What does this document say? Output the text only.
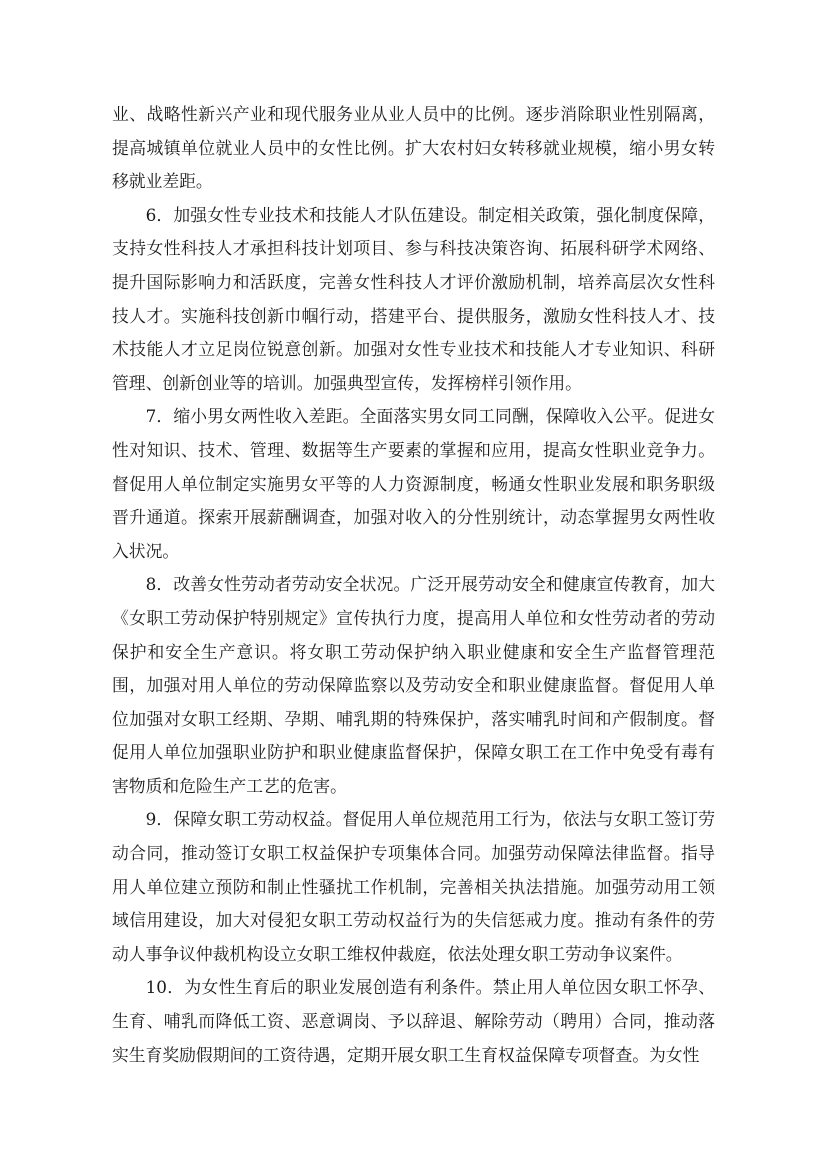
业、战略性新兴产业和现代服务业从业人员中的比例。逐步消除职业性别隔离，提高城镇单位就业人员中的女性比例。扩大农村妇女转移就业规模，缩小男女转移就业差距。

6．加强女性专业技术和技能人才队伍建设。制定相关政策，强化制度保障，支持女性科技人才承担科技计划项目、参与科技决策咨询、拓展科研学术网络、提升国际影响力和活跃度，完善女性科技人才评价激励机制，培养高层次女性科技人才。实施科技创新巾帼行动，搭建平台、提供服务，激励女性科技人才、技术技能人才立足岗位锐意创新。加强对女性专业技术和技能人才专业知识、科研管理、创新创业等的培训。加强典型宣传，发挥榜样引领作用。

7．缩小男女两性收入差距。全面落实男女同工同酬，保障收入公平。促进女性对知识、技术、管理、数据等生产要素的掌握和应用，提高女性职业竞争力。督促用人单位制定实施男女平等的人力资源制度，畅通女性职业发展和职务职级晋升通道。探索开展薪酬调查，加强对收入的分性别统计，动态掌握男女两性收入状况。

8．改善女性劳动者劳动安全状况。广泛开展劳动安全和健康宣传教育，加大《女职工劳动保护特别规定》宣传执行力度，提高用人单位和女性劳动者的劳动保护和安全生产意识。将女职工劳动保护纳入职业健康和安全生产监督管理范围，加强对用人单位的劳动保障监察以及劳动安全和职业健康监督。督促用人单位加强对女职工经期、孕期、哺乳期的特殊保护，落实哺乳时间和产假制度。督促用人单位加强职业防护和职业健康监督保护，保障女职工在工作中免受有毒有害物质和危险生产工艺的危害。

9．保障女职工劳动权益。督促用人单位规范用工行为，依法与女职工签订劳动合同，推动签订女职工权益保护专项集体合同。加强劳动保障法律监督。指导用人单位建立预防和制止性骚扰工作机制，完善相关执法措施。加强劳动用工领域信用建设，加大对侵犯女职工劳动权益行为的失信惩戒力度。推动有条件的劳动人事争议仲裁机构设立女职工维权仲裁庭，依法处理女职工劳动争议案件。

10．为女性生育后的职业发展创造有利条件。禁止用人单位因女职工怀孕、生育、哺乳而降低工资、恶意调岗、予以辞退、解除劳动（聘用）合同，推动落实生育奖励假期间的工资待遇，定期开展女职工生育权益保障专项督查。为女性
